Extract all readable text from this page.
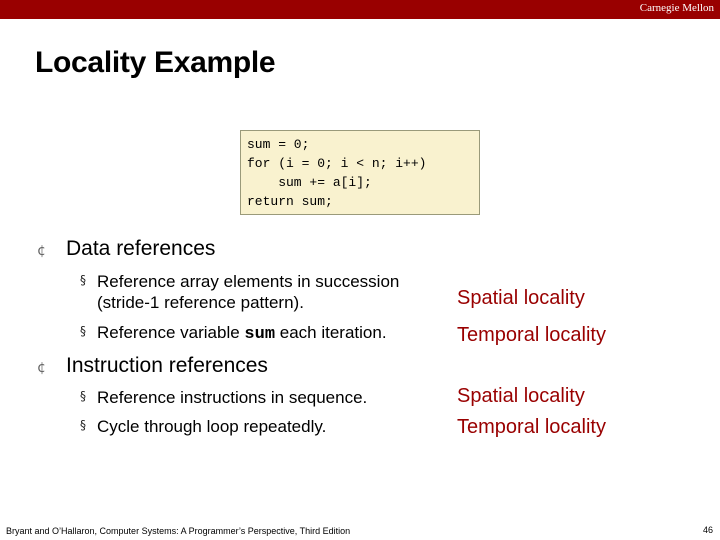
Carnegie Mellon
Locality Example
sum = 0;
for (i = 0; i < n; i++)
sum += a[i];
return sum;
¢ Data references
§ Reference array elements in succession
(stride-1 reference pattern).
§ Reference variable sum each iteration.
¢ Instruction references
§ Reference instructions in sequence.
§ Cycle through loop repeatedly.
Spatial locality
Temporal locality
Spatial locality
Temporal locality
Bryant and O’Hallaron, Computer Systems: A Programmer’s Perspective, Third Edition	46
